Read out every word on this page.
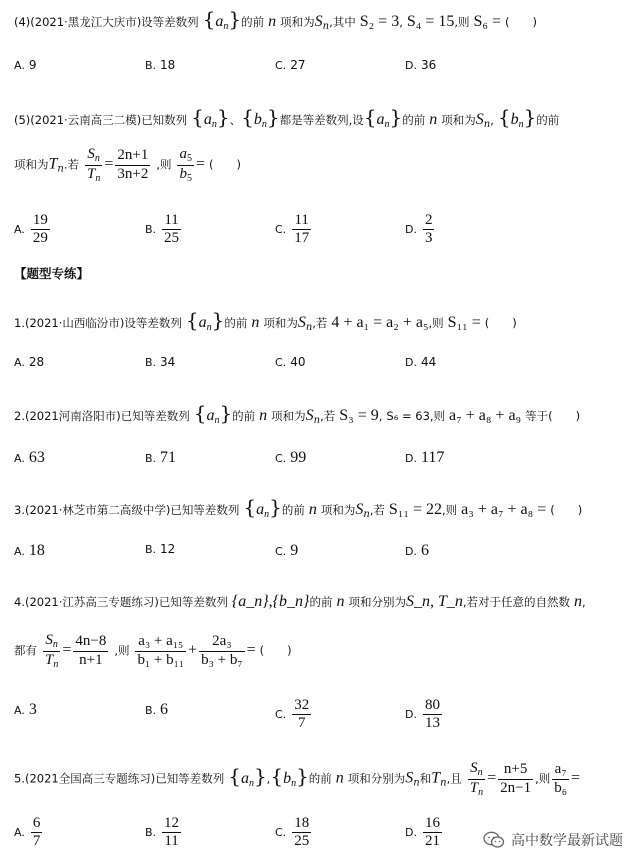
(4)(2021·黑龙江大庆市)设等差数列 $\{a_n\}$的前 n 项和为$S_n$,其中 S₂ = 3, S₄ = 15,则 S₆ = (　　)
A. 9	B. 18	C. 27	D. 36
(5)(2021·云南高三二模)已知数列 $\{a_n\}$、$\{b_n\}$都是等差数列,设$\{a_n\}$的前 n 项和为$S_n$, $\{b_n\}$的前
项和为$T_n$.若 $\frac{S_n}{T_n} = \frac{2n+1}{3n+2}$ ,则 $\frac{a_5}{b_5}$ = (　　)
A. $\frac{19}{29}$	B. $\frac{11}{25}$	C. $\frac{11}{17}$	D. $\frac{2}{3}$
【题型专练】
1.(2021·山西临汾市)设等差数列 $\{a_n\}$的前 n 项和为$S_n$,若 4 + a₁ = a₂ + a₅,则 S₁₁ = (　　)
A. 28	B. 34	C. 40	D. 44
2.(2021河南洛阳市)已知等差数列 $\{a_n\}$的前 n 项和为$S_n$,若 S₃ = 9, S₆ = 63,则 a₇ + a₈ + a₉ 等于(　　)
A. 63	B. 71	C. 99	D. 117
3.(2021·林芝市第二高级中学)已知等差数列 $\{a_n\}$的前 n 项和为$S_n$,若 S₁₁ = 22,则 a₃ + a₇ + a₈ = (　　)
A. 18	B. 12	C. 9	D. 6
4.(2021·江苏高三专题练习)已知等差数列 {a_n},{b_n}的前 n 项和分别为S_n, T_n,若对于任意的自然数 n,
都有 $\frac{S_n}{T_n} = \frac{4n-8}{n+1}$ ,则 $\frac{\text{a₃ + a₁₅}}{\text{b₁ + b₁₁}} + \frac{\text{2a₃}}{\text{b₃ + b₇}}$ = (　　)
A. 3	B. 6	C. $\frac{32}{7}$	D. $\frac{80}{13}$
5.(2021全国高三专题练习)已知等差数列 $\{a_n\},\{b_n\}$的前 n 项和分别为$S_n$和$T_n$,且 $\frac{S_n}{T_n} = \frac{n+5}{2n-1}$ ,则 $\frac{\text{a₇}}{\text{b₆}}$ =
A. $\frac{6}{7}$	B. $\frac{12}{11}$	C. $\frac{18}{25}$	D. $\frac{16}{21}$	高中数学最新试题
